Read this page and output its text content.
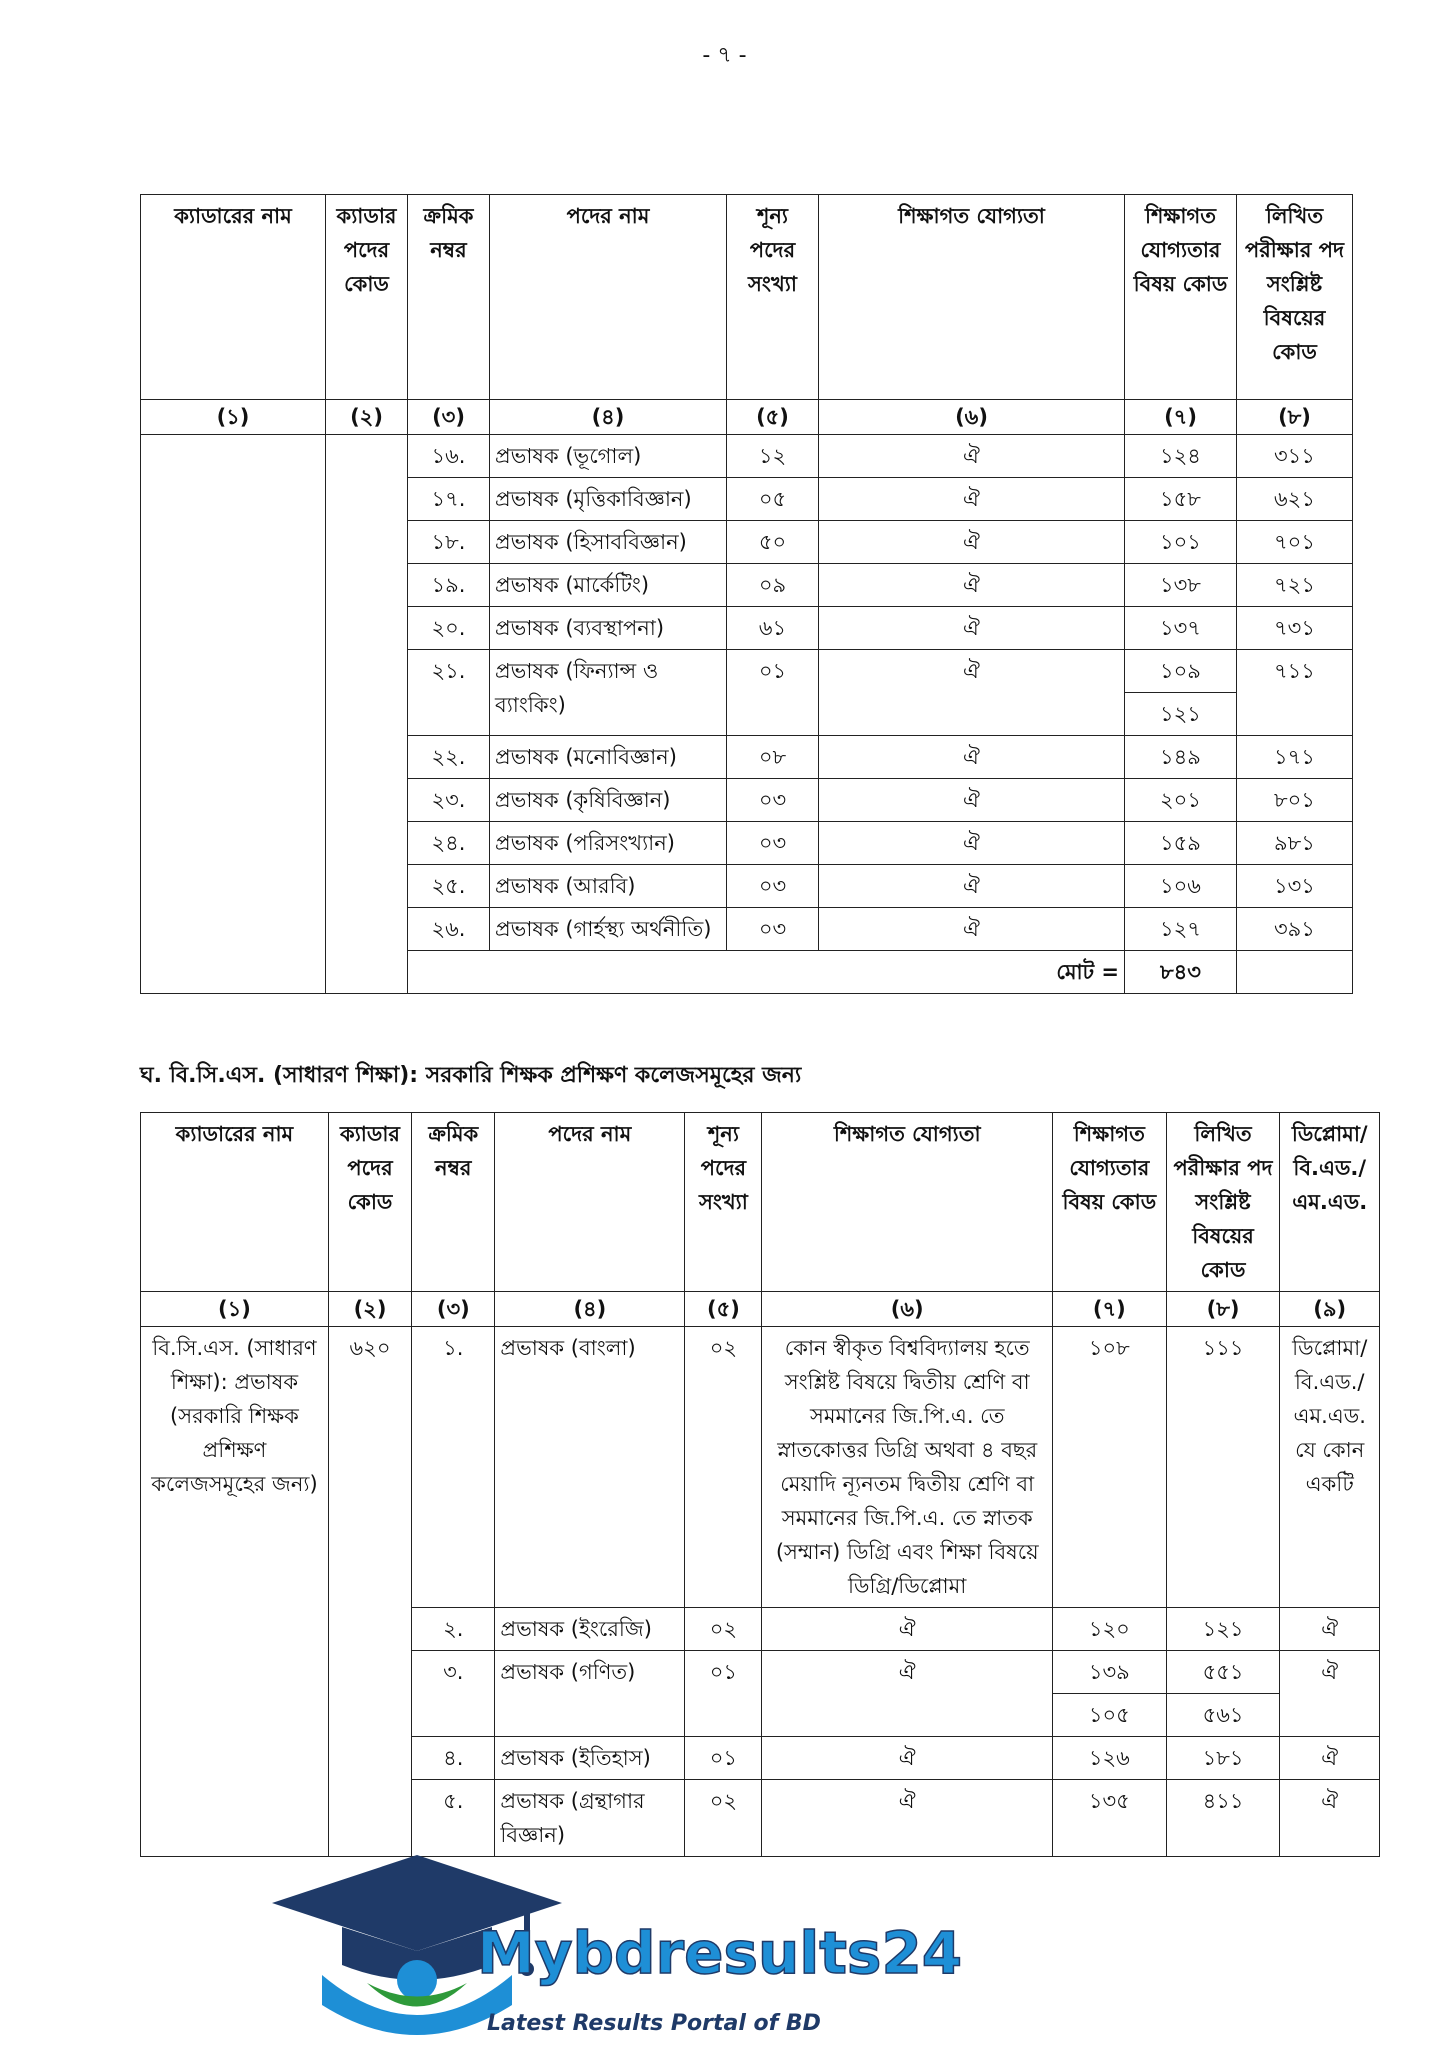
- ৭ -
ক্যাডারের নাম	ক্যাডার পদের কোড	ক্রমিক নম্বর	পদের নাম	শূন্য পদের সংখ্যা	শিক্ষাগত যোগ্যতা	শিক্ষাগত যোগ্যতার বিষয় কোড	লিখিত পরীক্ষার পদ সংশ্লিষ্ট বিষয়ের কোড	
(১)	(২)	(৩)	(৪)	(৫)	(৬)	(৭)	(৮)	
		১৬.	প্রভাষক (ভূগোল)	১২	ঐ	১২৪	৩১১	
		১৭.	প্রভাষক (মৃত্তিকাবিজ্ঞান)	০৫	ঐ	১৫৮	৬২১	
		১৮.	প্রভাষক (হিসাববিজ্ঞান)	৫০	ঐ	১০১	৭০১	
		১৯.	প্রভাষক (মার্কেটিং)	০৯	ঐ	১৩৮	৭২১	
		২০.	প্রভাষক (ব্যবস্থাপনা)	৬১	ঐ	১৩৭	৭৩১	
		২১.	প্রভাষক (ফিন্যান্স ও ব্যাংকিং)	০১	ঐ	১০৯	৭১১	
						১২১		
		২২.	প্রভাষক (মনোবিজ্ঞান)	০৮	ঐ	১৪৯	১৭১	
		২৩.	প্রভাষক (কৃষিবিজ্ঞান)	০৩	ঐ	২০১	৮০১	
		২৪.	প্রভাষক (পরিসংখ্যান)	০৩	ঐ	১৫৯	৯৮১	
		২৫.	প্রভাষক (আরবি)	০৩	ঐ	১০৬	১৩১	
		২৬.	প্রভাষক (গার্হস্থ্য অর্থনীতি)	০৩	ঐ	১২৭	৩৯১	
		মোট =				৮৪৩			
ঘ. বি.সি.এস. (সাধারণ শিক্ষা): সরকারি শিক্ষক প্রশিক্ষণ কলেজসমূহের জন্য
ক্যাডারের নাম	ক্যাডার পদের কোড	ক্রমিক নম্বর	পদের নাম	শূন্য পদের সংখ্যা	শিক্ষাগত যোগ্যতা	শিক্ষাগত যোগ্যতার বিষয় কোড	লিখিত পরীক্ষার পদ সংশ্লিষ্ট বিষয়ের কোড	ডিপ্লোমা/ বি.এড./ এম.এড.
(১)	(২)	(৩)	(৪)	(৫)	(৬)	(৭)	(৮)	(৯)
বি.সি.এস. (সাধারণ শিক্ষা): প্রভাষক (সরকারি শিক্ষক প্রশিক্ষণ কলেজসমূহের জন্য)	৬২০	১.	প্রভাষক (বাংলা)	০২	কোন স্বীকৃত বিশ্ববিদ্যালয় হতে সংশ্লিষ্ট বিষয়ে দ্বিতীয় শ্রেণি বা সমমানের জি.পি.এ. তে স্নাতকোত্তর ডিগ্রি অথবা ৪ বছর মেয়াদি ন্যূনতম দ্বিতীয় শ্রেণি বা সমমানের জি.পি.এ. তে স্নাতক (সম্মান) ডিগ্রি এবং শিক্ষা বিষয়ে ডিগ্রি/ডিপ্লোমা	১০৮	১১১	ডিপ্লোমা/ বি.এড./ এম.এড. যে কোন একটি
		২.	প্রভাষক (ইংরেজি)	০২	ঐ	১২০	১২১	ঐ
		৩.	প্রভাষক (গণিত)	০১	ঐ	১৩৯	৫৫১	ঐ
						১০৫	৫৬১	
		৪.	প্রভাষক (ইতিহাস)	০১	ঐ	১২৬	১৮১	ঐ
		৫.	প্রভাষক (গ্রন্থাগার বিজ্ঞান)	০২	ঐ	১৩৫	৪১১	ঐ
Mybdresults24
Latest Results Portal of BD
